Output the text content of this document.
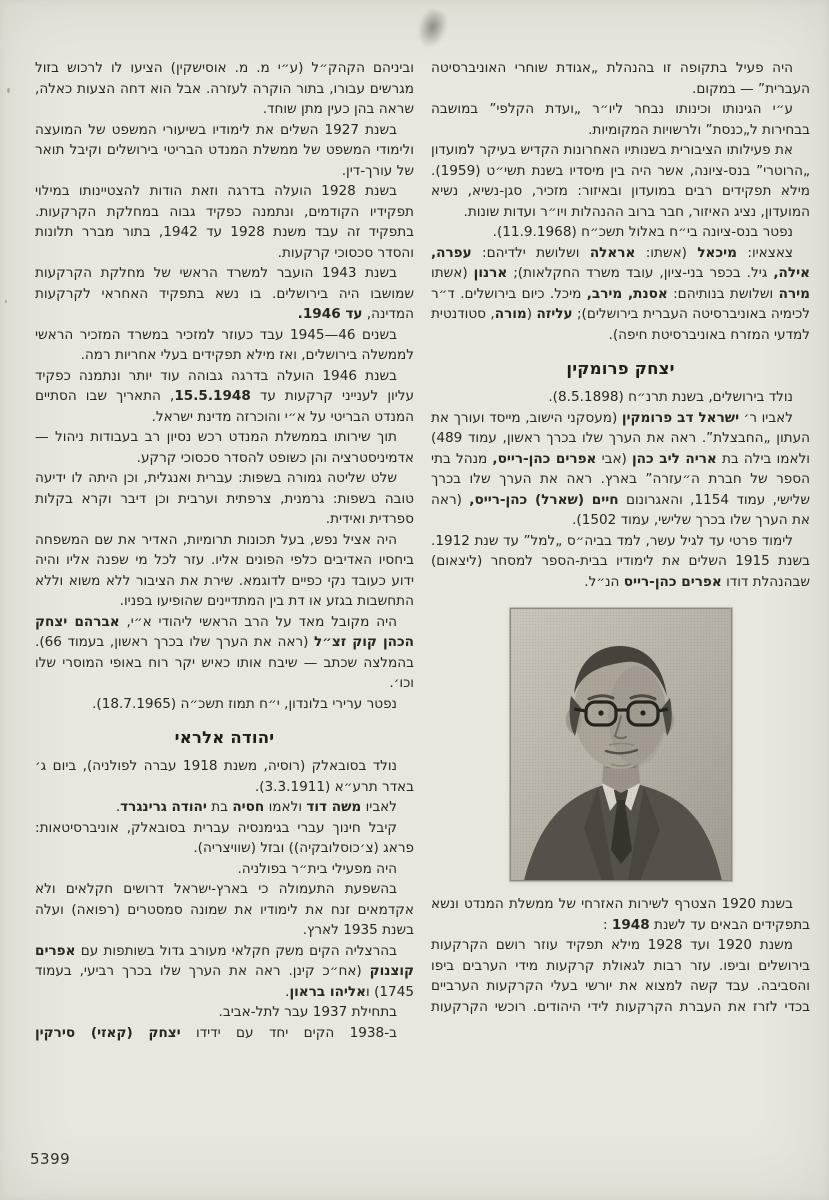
היה פעיל בתקופה זו בהנהלת „אגודת שוחרי האוניברסיטה העברית” — במקום.

ע״י הגינותו וכינותו נבחר ליו״ר „ועדת הקלפי” במושבה בבחירות ל„כנסת” ולרשויות המקומיות.

את פעילותו הציבורית בשנותיו האחרונות הקדיש בעיקר למועדון „הרוטרי” בנס-ציונה, אשר היה בין מיסדיו בשנת תשי״ט (1959). מילא תפקידים רבים במועדון ובאיזור: מזכיר, סגן-נשיא, נשיא המועדון, נציג האיזור, חבר ברוב ההנהלות ויו״ר ועדות שונות.

נפטר בנס-ציונה בי״ח באלול תשכ״ח (11.9.1968).

צאצאיו: מיכאל (אשתו: אראלה ושלושת ילדיהם: עפרה, אילה, גיל. בכפר בני-ציון, עובד משרד החקלאות); ארנון (אשתו מירה ושלושת בנותיהם: אסנת, מירב, מיכל. כיום בירושלים. ד״ר לכימיה באוניברסיטה העברית בירושלים); עליזה (מורה, סטודנטית למדעי המזרח באוניברסיטת חיפה).

יצחק פרומקין

נולד בירושלים, בשנת תרנ״ח (8.5.1898).

לאביו ר׳ ישראל דב פרומקין (מעסקני הישוב, מייסד ועורך את העתון „החבצלת”. ראה את הערך שלו בכרך ראשון, עמוד 489) ולאמו בילה בת אריה ליב כהן (אבי אפרים כהן-רייס, מנהל בתי הספר של חברת ה״עזרה” בארץ. ראה את הערך שלו בכרך שלישי, עמוד 1154, והאגרונום חיים (שארל) כהן-רייס, (ראה את הערך שלו בכרך שלישי, עמוד 1502).

לימוד פרטי עד לגיל עשר, למד בביה״ס „למל” עד שנת 1912. בשנת 1915 השלים את לימודיו בבית-הספר למסחר (ליצאום) שבהנהלת דודו אפרים כהן-רייס הנ״ל.

בשנת 1920 הצטרף לשירות האזרחי של ממשלת המנדט ונשא בתפקידים הבאים עד לשנת 1948 :

משנת 1920 ועד 1928 מילא תפקיד עוזר רושם הקרקעות בירושלים וביפו. עזר רבות לגאולת קרקעות מידי הערבים ביפו והסביבה. עבד קשה למצוא את יורשי בעלי הקרקעות הערביים בכדי לזרז את העברת הקרקעות לידי היהודים. רוכשי הקרקעות

וביניהם הקהק״ל (ע״י מ. מ. אוסישקין) הציעו לו לרכוש בזול מגרשים עבורו, בתור הוקרה לעזרה. אבל הוא דחה הצעות כאלה, שראה בהן כעין מתן שוחד.

בשנת 1927 השלים את לימודיו בשיעורי המשפט של המועצה ולימודי המשפט של ממשלת המנדט הבריטי בירושלים וקיבל תואר של עורך-דין.

בשנת 1928 הועלה בדרגה וזאת הודות להצטיינותו במילוי תפקידיו הקודמים, ונתמנה כפקיד גבוה במחלקת הקרקעות. בתפקיד זה עבד משנת 1928 עד 1942, בתור מברר תלונות והסדר סכסוכי קרקעות.

בשנת 1943 הועבר למשרד הראשי של מחלקת הקרקעות שמושבו היה בירושלים. בו נשא בתפקיד האחראי לקרקעות המדינה, עד 1946.

בשנים 46—1945 עבד כעוזר למזכיר במשרד המזכיר הראשי לממשלה בירושלים, ואז מילא תפקידים בעלי אחריות רמה.

בשנת 1946 הועלה בדרגה גבוהה עוד יותר ונתמנה כפקיד עליון לענייני קרקעות עד 15.5.1948, התאריך שבו הסתיים המנדט הבריטי על א״י והוכרזה מדינת ישראל.

תוך שירותו בממשלת המנדט רכש נסיון רב בעבודות ניהול — אדמיניסטרציה והן כשופט להסדר סכסוכי קרקע.

שלט שליטה גמורה בשפות: עברית ואנגלית, וכן היתה לו ידיעה טובה בשפות: גרמנית, צרפתית וערבית וכן דיבר וקרא בקלות ספרדית ואידית.

היה אציל נפש, בעל תכונות תרומיות, האדיר את שם המשפחה ביחסיו האדיבים כלפי הפונים אליו. עזר לכל מי שפנה אליו והיה ידוע כעובד נקי כפיים לדוגמא. שירת את הציבור ללא משוא וללא התחשבות בגזע או דת בין המתדיינים שהופיעו בפניו.

היה מקובל מאד על הרב הראשי ליהודי א״י, אברהם יצחק הכהן קוק זצ״ל (ראה את הערך שלו בכרך ראשון, בעמוד 66). בהמלצה שכתב — שיבח אותו כאיש יקר רוח באופי המוסרי שלו וכו׳.

נפטר ערירי בלונדון, י״ח תמוז תשכ״ה (18.7.1965).

יהודה אלראי

נולד בסובאלק (רוסיה, משנת 1918 עברה לפולניה), ביום ג׳ באדר תרע״א (3.3.1911).

לאביו משה דוד ולאמו חסיה בת יהודה גרינגרד.

קיבל חינוך עברי בגימנסיה עברית בסובאלק, אוניברסיטאות: פראג (צ׳כוסלובקיה)) ובזל (שוויצריה).

היה מפעילי בית״ר בפולניה.

בהשפעת התעמולה כי בארץ-ישראל דרושים חקלאים ולא אקדמאים זנח את לימודיו את שמונה סמסטרים (רפואה) ועלה בשנת 1935 לארץ.

בהרצליה הקים משק חקלאי מעורב גדול בשותפות עם אפרים קוצנוק (אח״כ קינן. ראה את הערך שלו בכרך רביעי, בעמוד 1745) ואליהו בראון.

בתחילת 1937 עבר לתל-אביב.

ב-1938 הקים יחד עם ידידו יצחק (קאזי) סירקין

5399
